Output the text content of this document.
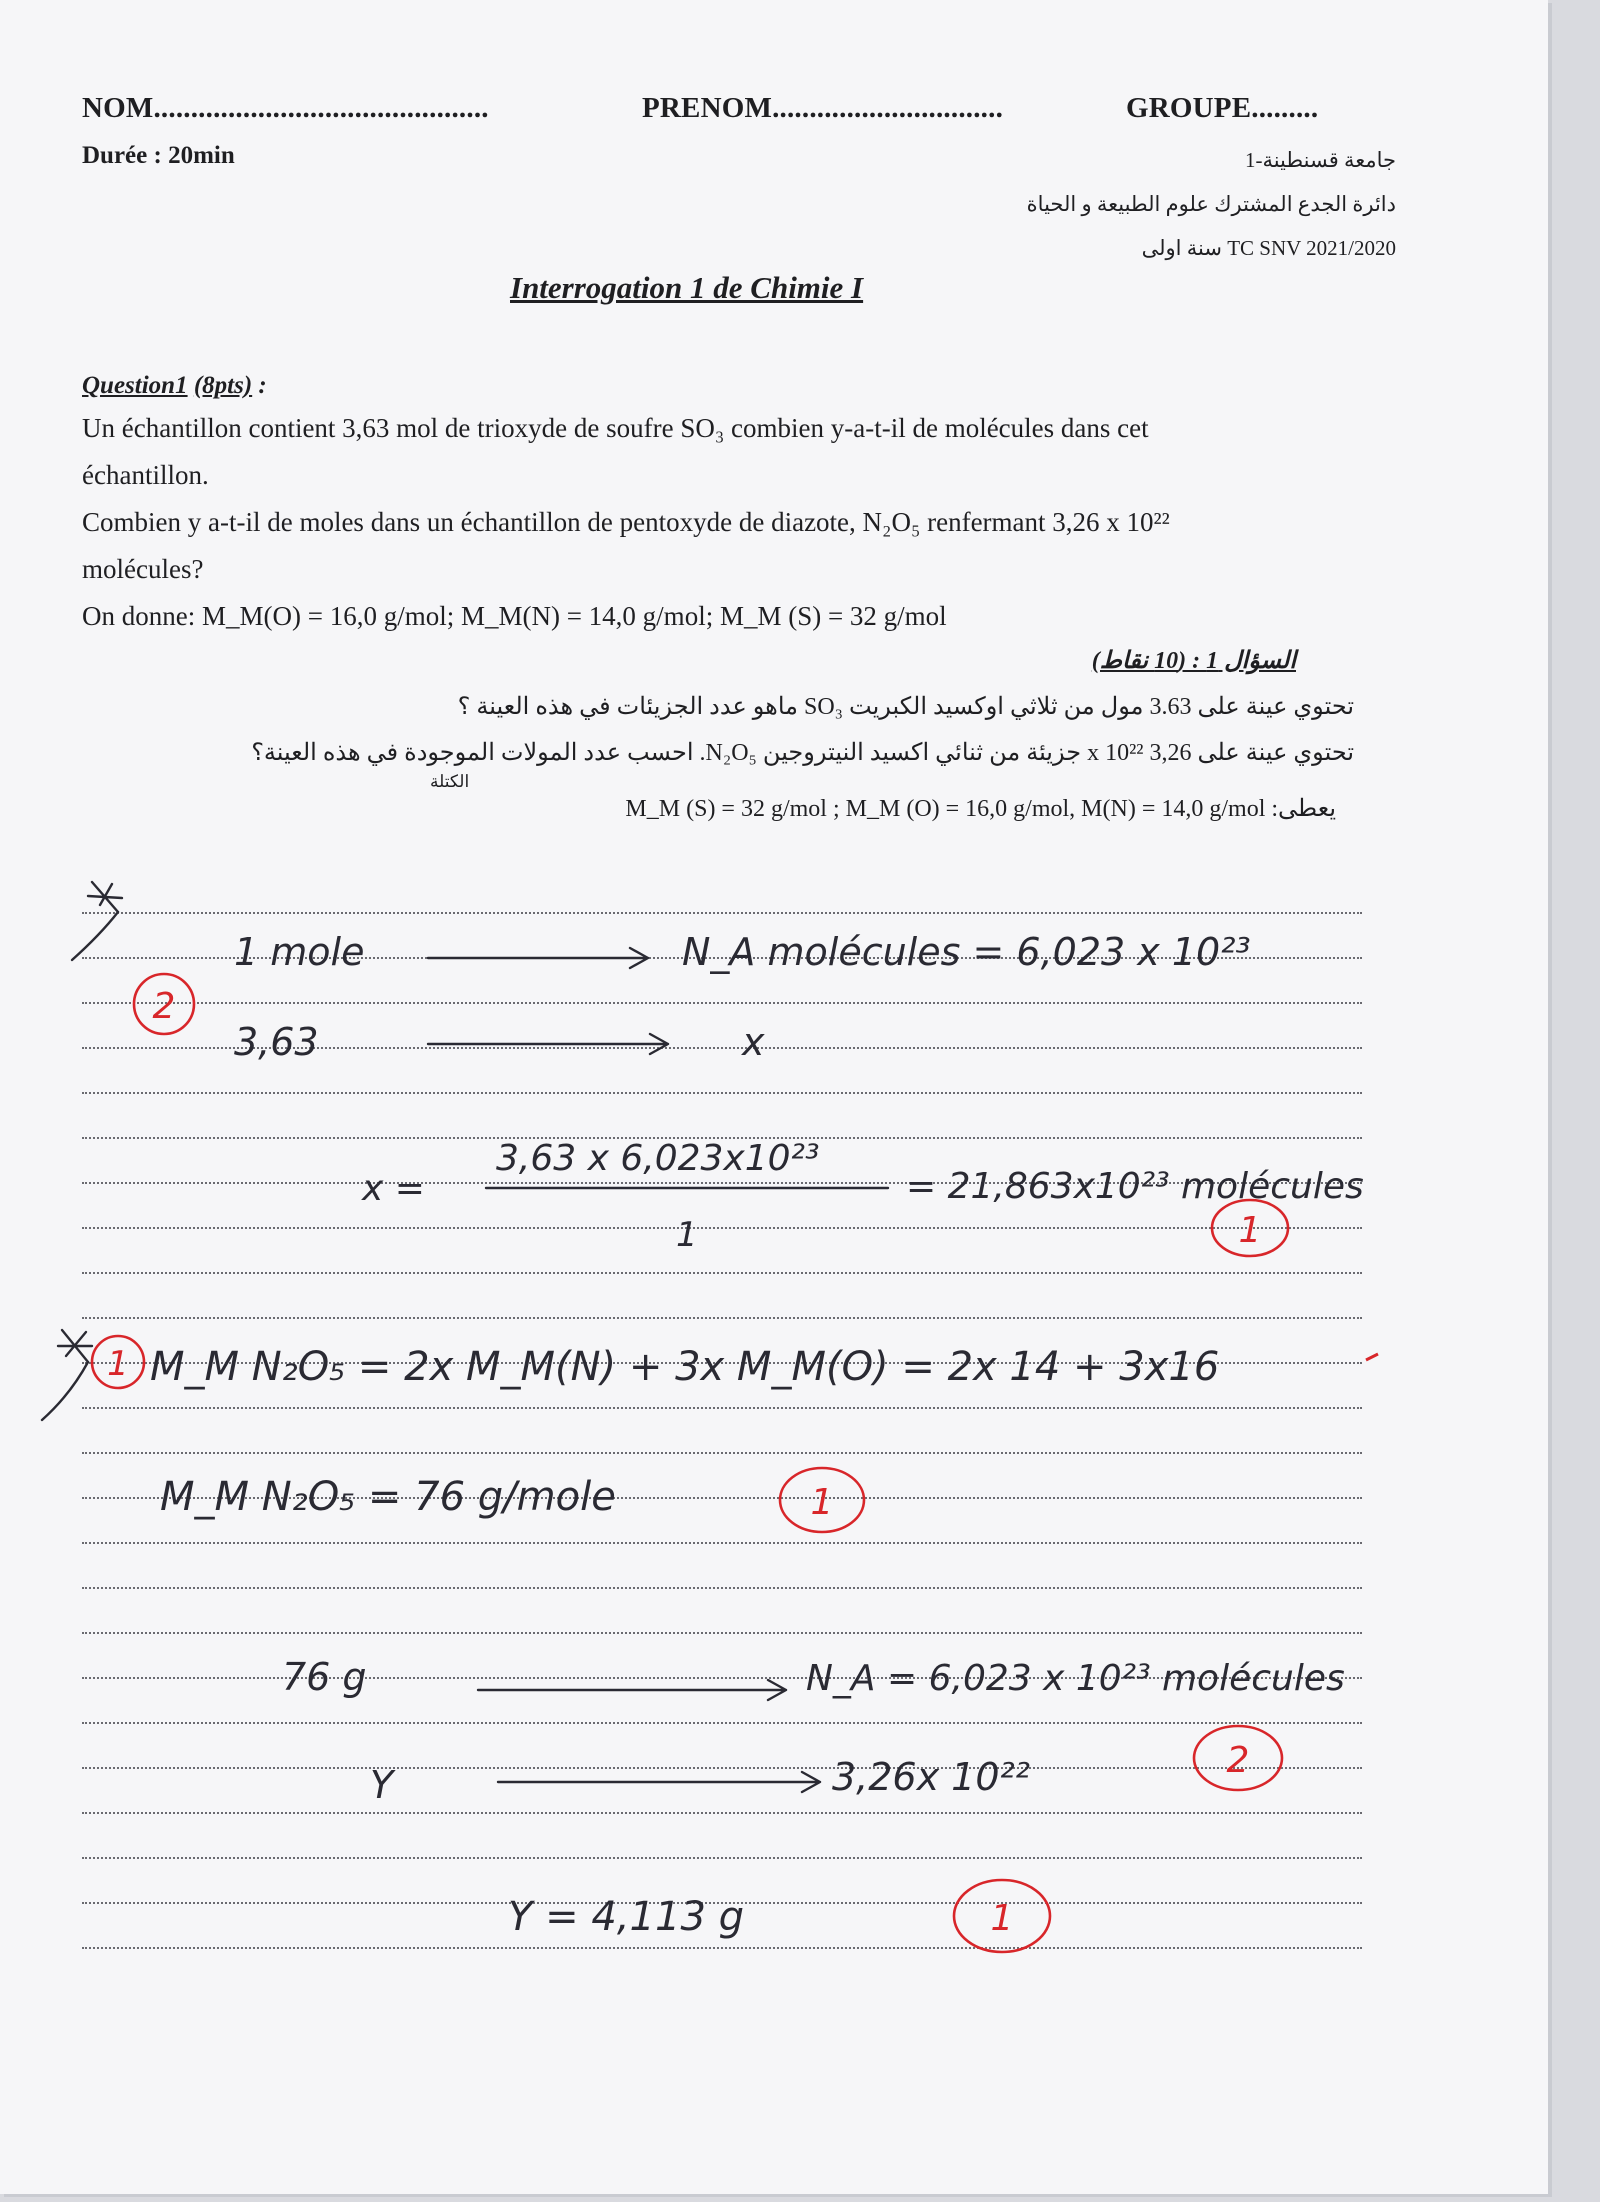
NOM.............................................	PRENOM...............................	GROUPE.........
Durée : 20min	جامعة قسنطينة-1
دائرة الجدع المشترك علوم الطبيعة و الحياة
TC SNV 2021/2020 سنة اولى
Interrogation 1 de Chimie I
Question1 (8pts) :
Un échantillon contient 3,63 mol de trioxyde de soufre SO₃ combien y-a-t-il de molécules dans cet
échantillon.
Combien y a-t-il de moles dans un échantillon de pentoxyde de diazote, N₂O₅ renfermant 3,26 x 10²²
molécules?
On donne: M_M(O) = 16,0 g/mol; M_M(N) = 14,0 g/mol; M_M (S) = 32 g/mol
السؤال 1 : (10 نقاط)
تحتوي عينة على 3.63 مول من ثلاثي اوكسيد الكبريت SO₃ ماهو عدد الجزيئات في هذه العينة ؟
تحتوي عينة على 3,26 x 10²² جزيئة من ثنائي اكسيد النيتروجين N₂O₅. احسب عدد المولات الموجودة في هذه العينة؟
الكتلة
يعطى: M_M (S) = 32 g/mol ; M_M (O) = 16,0 g/mol, M(N) = 14,0 g/mol
1 mole	N_A molécules = 6,023 x 10²³
3,63	x
x =
3,63 x 6,023x10²³
1
= 21,863x10²³ molécules
M_M N₂O₅ = 2x M_M(N) + 3x M_M(O) = 2x 14 + 3x16
M_M N₂O₅ = 76 g/mole
76 g	N_A = 6,023 x 10²³ molécules
Y	3,26x 10²²
Y = 4,113 g
2
1
1
1
2
1
